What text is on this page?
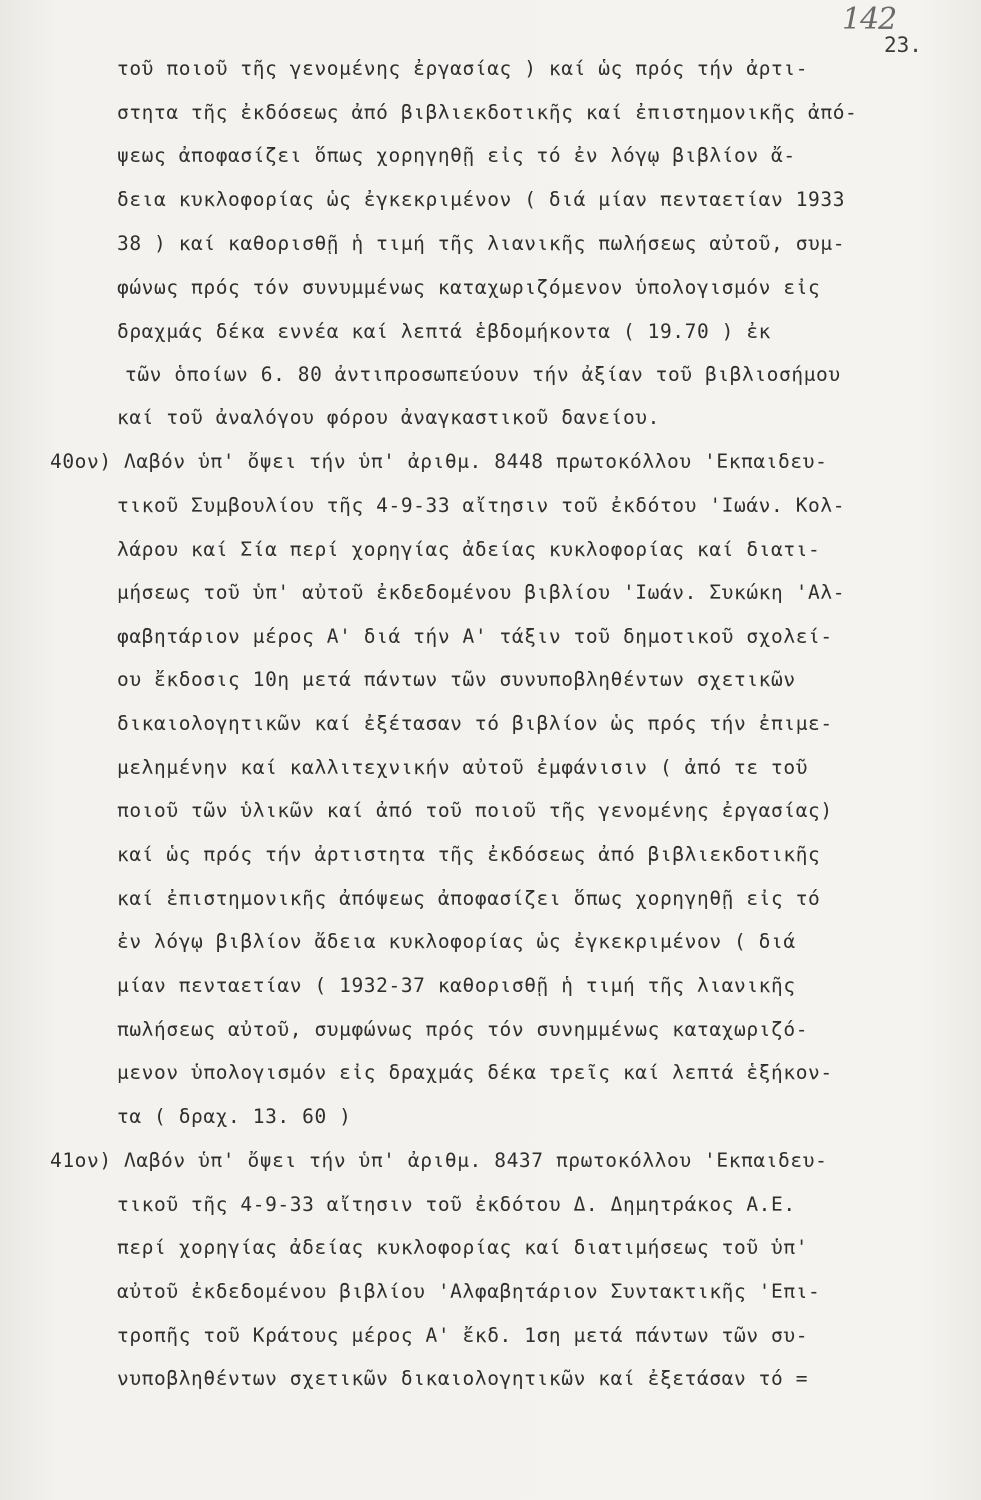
142
23.
τοῦ ποιοῦ τῆς γενομένης ἐργασίας ) καί ὡς πρός τήν ἀρτι-
στητα τῆς ἐκδόσεως ἀπό βιβλιεκδοτικῆς καί ἐπιστημονικῆς ἀπό-
ψεως ἀποφασίζει ὅπως χορηγηθῇ εἰς τό ἐν λόγῳ βιβλίον ἄ-
δεια κυκλοφορίας ὡς ἐγκεκριμένον ( διά μίαν πενταετίαν 1933
38 ) καί καθορισθῇ ἡ τιμή τῆς λιανικῆς πωλήσεως αὐτοῦ, συμ-
φώνως πρός τόν συνυμμένως καταχωριζόμενον ὑπολογισμόν εἰς
δραχμάς δέκα εννέα καί λεπτά ἑβδομήκοντα ( 19.70 ) ἐκ
τῶν ὁποίων 6. 80 ἀντιπροσωπεύουν τήν ἀξίαν τοῦ βιβλιοσήμου
καί τοῦ ἀναλόγου φόρου ἀναγκαστικοῦ δανείου.
40ον) Λαβόν ὑπ' ὄψει τήν ὑπ' ἀριθμ. 8448 πρωτοκόλλου 'Εκπαιδευ-
τικοῦ Συμβουλίου τῆς 4-9-33 αἴτησιν τοῦ ἐκδότου 'Ιωάν. Κολ-
λάρου καί Σία περί χορηγίας ἀδείας κυκλοφορίας καί διατι-
μήσεως τοῦ ὑπ' αὐτοῦ ἐκδεδομένου βιβλίου 'Ιωάν. Συκώκη 'Αλ-
φαβητάριον μέρος Α' διά τήν Α' τάξιν τοῦ δημοτικοῦ σχολεί-
ου ἔκδοσις 10η μετά πάντων τῶν συνυποβληθέντων σχετικῶν
δικαιολογητικῶν καί ἐξέτασαν τό βιβλίον ὡς πρός τήν ἐπιμε-
μελημένην καί καλλιτεχνικήν αὐτοῦ ἐμφάνισιν ( ἀπό τε τοῦ
ποιοῦ τῶν ὑλικῶν καί ἀπό τοῦ ποιοῦ τῆς γενομένης ἐργασίας)
καί ὡς πρός τήν ἀρτιστητα τῆς ἐκδόσεως ἀπό βιβλιεκδοτικῆς
καί ἐπιστημονικῆς ἀπόψεως ἀποφασίζει ὅπως χορηγηθῇ εἰς τό
ἐν λόγῳ βιβλίον ἄδεια κυκλοφορίας ὡς ἐγκεκριμένον ( διά
μίαν πενταετίαν ( 1932-37 καθορισθῇ ἡ τιμή τῆς λιανικῆς
πωλήσεως αὐτοῦ, συμφώνως πρός τόν συνημμένως καταχωριζό-
μενον ὑπολογισμόν εἰς δραχμάς δέκα τρεῖς καί λεπτά ἑξήκον-
τα ( δραχ. 13. 60 )
41ον) Λαβόν ὑπ' ὄψει τήν ὑπ' ἀριθμ. 8437 πρωτοκόλλου 'Εκπαιδευ-
τικοῦ τῆς 4-9-33 αἴτησιν τοῦ ἐκδότου Δ. Δημητράκος Α.Ε.
περί χορηγίας ἀδείας κυκλοφορίας καί διατιμήσεως τοῦ ὑπ'
αὐτοῦ ἐκδεδομένου βιβλίου 'Αλφαβητάριον Συντακτικῆς 'Επι-
τροπῆς τοῦ Κράτους μέρος Α' ἔκδ. 1ση μετά πάντων τῶν συ-
νυποβληθέντων σχετικῶν δικαιολογητικῶν καί ἐξετάσαν τό =
